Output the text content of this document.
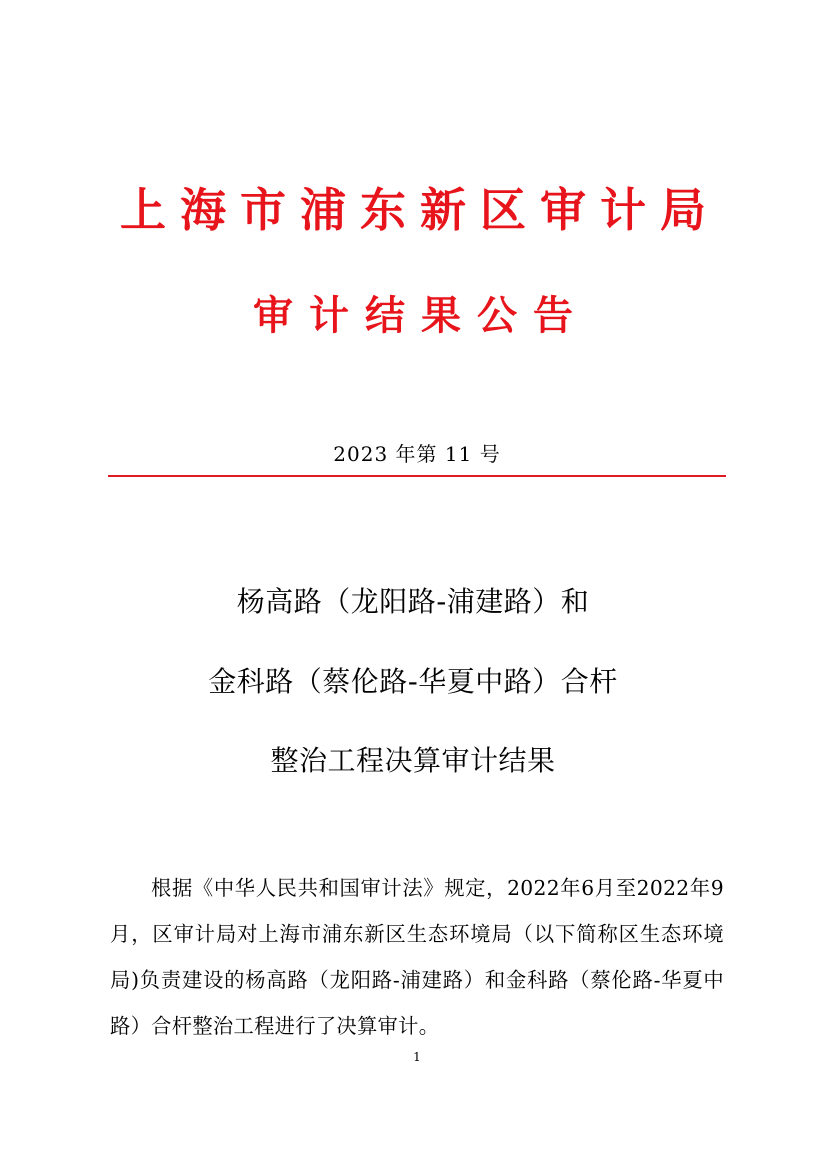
上海市浦东新区审计局
审计结果公告
2023 年第 11 号
杨高路（龙阳路-浦建路）和
金科路（蔡伦路-华夏中路）合杆
整治工程决算审计结果

根据《中华人民共和国审计法》规定，2022年6月至2022年9月，区审计局对上海市浦东新区生态环境局（以下简称区生态环境局)负责建设的杨高路（龙阳路-浦建路）和金科路（蔡伦路-华夏中路）合杆整治工程进行了决算审计。

1
